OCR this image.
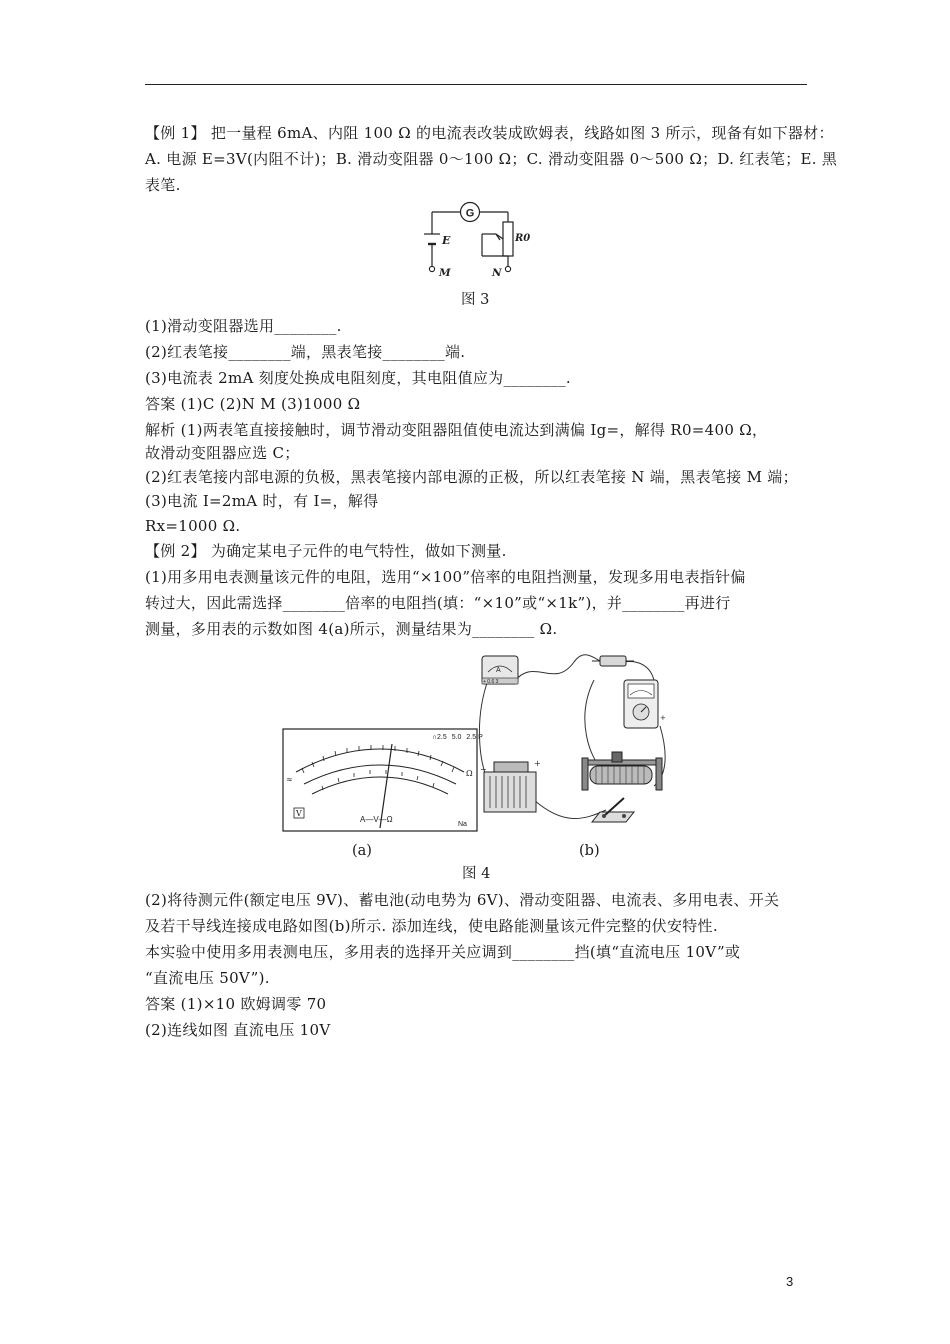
【例 1】 把一量程 6mA、内阻 100 Ω 的电流表改装成欧姆表，线路如图 3 所示，现备有如下器材：
A. 电源 E=3V(内阻不计)；B. 滑动变阻器 0～100 Ω；C. 滑动变阻器 0～500 Ω；D. 红表笔；E. 黑
表笔.
G
E	R0
M	N
图 3
(1)滑动变阻器选用________.
(2)红表笔接________端，黑表笔接________端.
(3)电流表 2mA 刻度处换成电阻刻度，其电阻值应为________.
答案 (1)C (2)N M (3)1000 Ω
解析 (1)两表笔直接接触时，调节滑动变阻器阻值使电流达到满偏 Ig=，解得 R0=400 Ω，
故滑动变阻器应选 C；
(2)红表笔接内部电源的负极，黑表笔接内部电源的正极，所以红表笔接 N 端，黑表笔接 M 端；
(3)电流 I=2mA 时，有 I=，解得
Rx=1000 Ω.
【例 2】 为确定某电子元件的电气特性，做如下测量.
(1)用多用电表测量该元件的电阻，选用“×100”倍率的电阻挡测量，发现多用电表指针偏
转过大，因此需选择________倍率的电阻挡(填：“×10”或“×1k”)，并________再进行
测量，多用表的示数如图 4(a)所示，测量结果为________ Ω.
∩2.5 5.0 2.5 P
≈
Ω
V
A—V—Ω
Na
A
+ 0.6 3
+
−
+
(a)	(b)
图 4
(2)将待测元件(额定电压 9V)、蓄电池(动电势为 6V)、滑动变阻器、电流表、多用电表、开关
及若干导线连接成电路如图(b)所示. 添加连线，使电路能测量该元件完整的伏安特性.
本实验中使用多用表测电压，多用表的选择开关应调到________挡(填“直流电压 10V”或
“直流电压 50V”).
答案 (1)×10 欧姆调零 70
(2)连线如图 直流电压 10V
3
